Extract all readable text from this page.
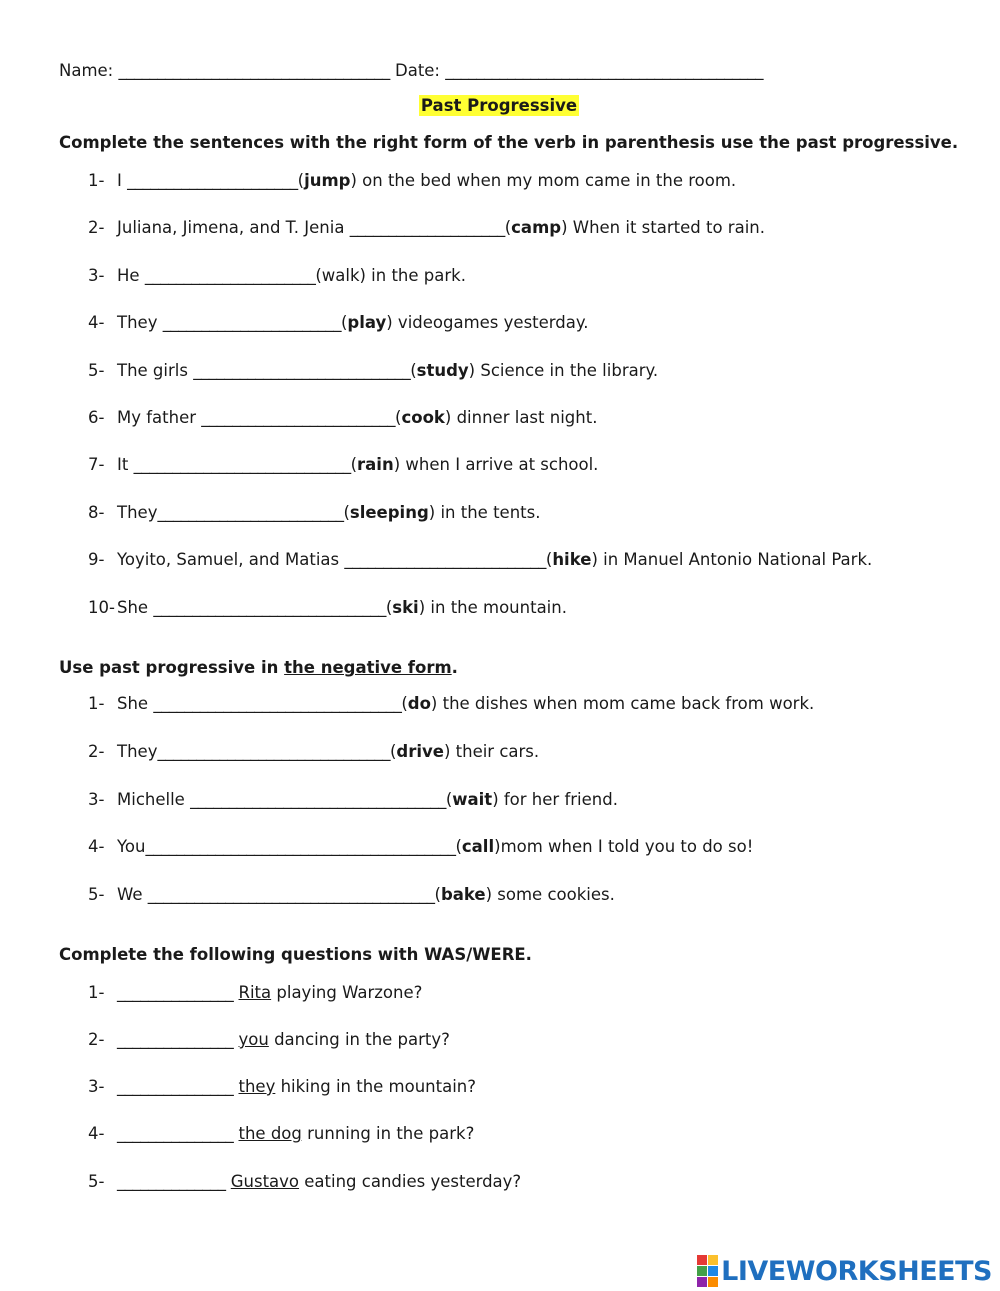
Name: ___________________________________ Date: _________________________________________
Past Progressive
Complete the sentences with the right form of the verb in parenthesis use the past progressive.
1- I ______________________(jump) on the bed when my mom came in the room.
2- Juliana, Jimena, and T. Jenia ____________________(camp) When it started to rain.
3- He ______________________(walk) in the park.
4- They _______________________(play) videogames yesterday.
5- The girls ____________________________(study) Science in the library.
6- My father _________________________(cook) dinner last night.
7- It ____________________________(rain) when I arrive at school.
8- They________________________(sleeping) in the tents.
9- Yoyito, Samuel, and Matias __________________________(hike) in Manuel Antonio National Park.
10- She ______________________________(ski) in the mountain.
Use past progressive in the negative form.
1- She ________________________________(do) the dishes when mom came back from work.
2- They______________________________(drive) their cars.
3- Michelle _________________________________(wait) for her friend.
4- You________________________________________(call)mom when I told you to do so!
5- We _____________________________________(bake) some cookies.
Complete the following questions with WAS/WERE.
1- _______________ Rita playing Warzone?
2- _______________ you dancing in the party?
3- _______________ they hiking in the mountain?
4- _______________ the dog running in the park?
5- ______________ Gustavo eating candies yesterday?
LIVEWORKSHEETS
